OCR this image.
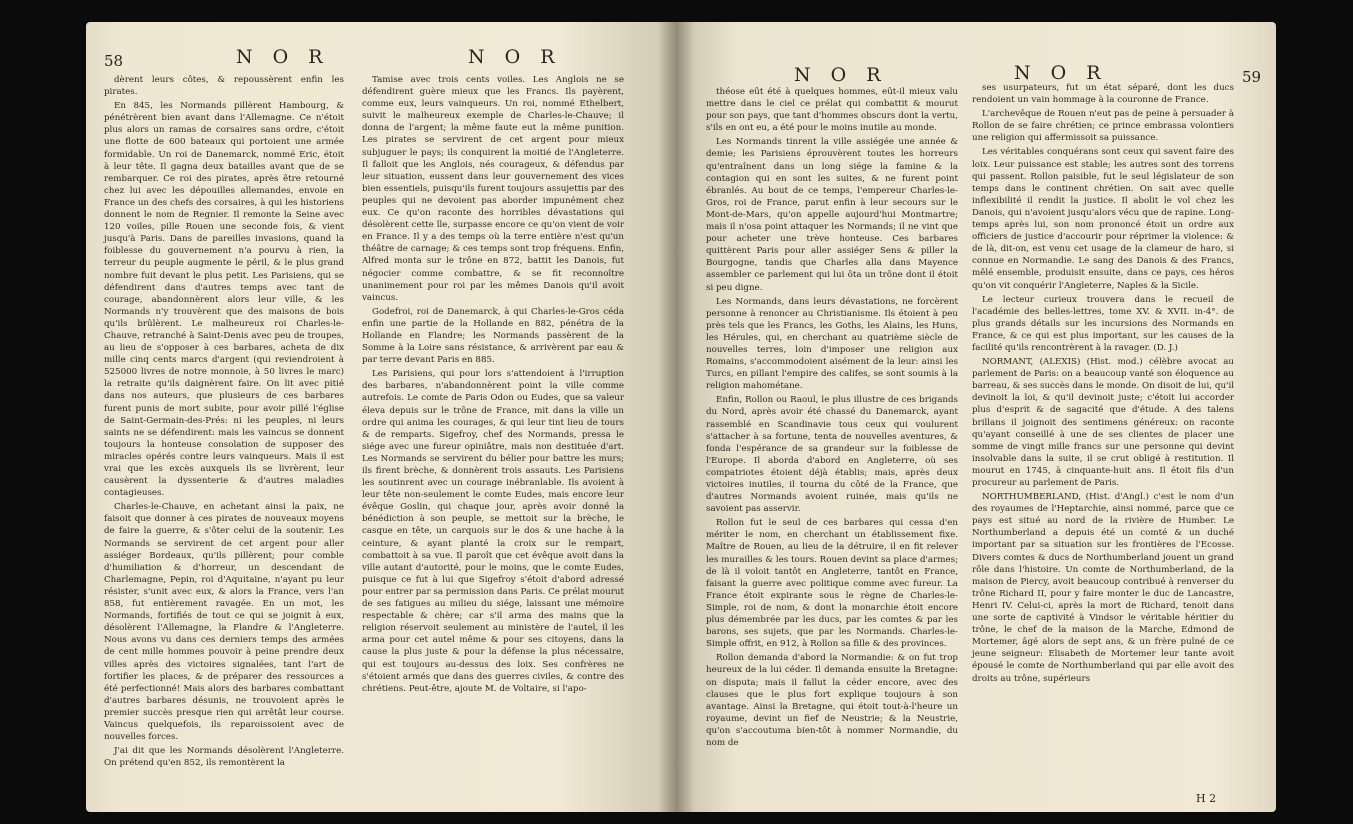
58	N O R	N O R

dèrent leurs côtes, & repoussèrent enfin les pirates.

En 845, les Normands pillèrent Hambourg, & pénétrèrent bien avant dans l'Allemagne. Ce n'étoit plus alors un ramas de corsaires sans ordre, c'étoit une flotte de 600 bateaux qui portoient une armée formidable. Un roi de Danemarck, nommé Eric, étoit à leur tête. Il gagna deux batailles avant que de se rembarquer. Ce roi des pirates, après être retourné chez lui avec les dépouilles allemandes, envoie en France un des chefs des corsaires, à qui les historiens donnent le nom de Regnier. Il remonte la Seine avec 120 voiles, pille Rouen une seconde fois, & vient jusqu'à Paris. Dans de pareilles invasions, quand la foiblesse du gouvernement n'a pourvu à rien, la terreur du peuple augmente le péril, & le plus grand nombre fuit devant le plus petit. Les Parisiens, qui se défendirent dans d'autres temps avec tant de courage, abandonnèrent alors leur ville, & les Normands n'y trouvèrent que des maisons de bois qu'ils brûlèrent. Le malheureux roi Charles-le-Chauve, retranché à Saint-Denis avec peu de troupes, au lieu de s'opposer à ces barbares, acheta de dix mille cinq cents marcs d'argent (qui reviendroient à 525000 livres de notre monnoie, à 50 livres le marc) la retraite qu'ils daignèrent faire. On lit avec pitié dans nos auteurs, que plusieurs de ces barbares furent punis de mort subite, pour avoir pillé l'église de Saint-Germain-des-Prés: ni les peuples, ni leurs saints ne se défendirent: mais les vaincus se donnent toujours la honteuse consolation de supposer des miracles opérés contre leurs vainqueurs. Mais il est vrai que les excès auxquels ils se livrèrent, leur causèrent la dyssenterie & d'autres maladies contagieuses.

Charles-le-Chauve, en achetant ainsi la paix, ne faisoit que donner à ces pirates de nouveaux moyens de faire la guerre, & s'ôter celui de la soutenir. Les Normands se servirent de cet argent pour aller assiéger Bordeaux, qu'ils pillèrent; pour comble d'humiliation & d'horreur, un descendant de Charlemagne, Pepin, roi d'Aquitaine, n'ayant pu leur résister, s'unit avec eux, & alors la France, vers l'an 858, fut entièrement ravagée. En un mot, les Normands, fortifiés de tout ce qui se joignit à eux, désolèrent l'Allemagne, la Flandre & l'Angleterre. Nous avons vu dans ces derniers temps des armées de cent mille hommes pouvoir à peine prendre deux villes après des victoires signalées, tant l'art de fortifier les places, & de préparer des ressources a été perfectionné! Mais alors des barbares combattant d'autres barbares désunis, ne trouvoient après le premier succès presque rien qui arrêtât leur course. Vaincus quelquefois, ils reparoissoient avec de nouvelles forces.

J'ai dit que les Normands désolèrent l'Angleterre. On prétend qu'en 852, ils remontèrent la

Tamise avec trois cents voiles. Les Anglois ne se défendirent guère mieux que les Francs. Ils payèrent, comme eux, leurs vainqueurs. Un roi, nommé Ethelbert, suivit le malheureux exemple de Charles-le-Chauve; il donna de l'argent; la même faute eut la même punition. Les pirates se servirent de cet argent pour mieux subjuguer le pays; ils conquirent la moitié de l'Angleterre. Il falloit que les Anglois, nés courageux, & défendus par leur situation, eussent dans leur gouvernement des vices bien essentiels, puisqu'ils furent toujours assujettis par des peuples qui ne devoient pas aborder impunément chez eux. Ce qu'on raconte des horribles dévastations qui désolèrent cette île, surpasse encore ce qu'on vient de voir en France. Il y a des temps où la terre entière n'est qu'un théâtre de carnage; & ces temps sont trop fréquens. Enfin, Alfred monta sur le trône en 872, battit les Danois, fut négocier comme combattre, & se fit reconnoître unanimement pour roi par les mêmes Danois qu'il avoit vaincus.

Godefroi, roi de Danemarck, à qui Charles-le-Gros céda enfin une partie de la Hollande en 882, pénétra de la Hollande en Flandre; les Normands passèrent de la Somme à la Loire sans résistance, & arrivèrent par eau & par terre devant Paris en 885.

Les Parisiens, qui pour lors s'attendoient à l'irruption des barbares, n'abandonnèrent point la ville comme autrefois. Le comte de Paris Odon ou Eudes, que sa valeur éleva depuis sur le trône de France, mit dans la ville un ordre qui anima les courages, & qui leur tint lieu de tours & de remparts. Sigefroy, chef des Normands, pressa le siége avec une fureur opiniâtre, mais non destituée d'art. Les Normands se servirent du bélier pour battre les murs; ils firent brèche, & donnèrent trois assauts. Les Parisiens les soutinrent avec un courage inébranlable. Ils avoient à leur tête non-seulement le comte Eudes, mais encore leur évêque Goslin, qui chaque jour, après avoir donné la bénédiction à son peuple, se mettoit sur la brèche, le casque en tête, un carquois sur le dos & une hache à la ceinture, & ayant planté la croix sur le rempart, combattoit à sa vue. Il paroît que cet évêque avoit dans la ville autant d'autorité, pour le moins, que le comte Eudes, puisque ce fut à lui que Sigefroy s'étoit d'abord adressé pour entrer par sa permission dans Paris. Ce prélat mourut de ses fatigues au milieu du siége, laissant une mémoire respectable & chère; car s'il arma des mains que la religion réservoit seulement au ministère de l'autel, il les arma pour cet autel même & pour ses citoyens, dans la cause la plus juste & pour la défense la plus nécessaire, qui est toujours au-dessus des loix. Ses confrères ne s'étoient armés que dans des guerres civiles, & contre des chrétiens. Peut-être, ajoute M. de Voltaire, si l'apo-

N O R	N O R	59

théose eût été à quelques hommes, eût-il mieux valu mettre dans le ciel ce prélat qui combattit & mourut pour son pays, que tant d'hommes obscurs dont la vertu, s'ils en ont eu, a été pour le moins inutile au monde.

Les Normands tinrent la ville assiégée une année & demie; les Parisiens éprouvèrent toutes les horreurs qu'entraînent dans un long siége la famine & la contagion qui en sont les suites, & ne furent point ébranlés. Au bout de ce temps, l'empereur Charles-le-Gros, roi de France, parut enfin à leur secours sur le Mont-de-Mars, qu'on appelle aujourd'hui Montmartre; mais il n'osa point attaquer les Normands; il ne vint que pour acheter une trève honteuse. Ces barbares quittèrent Paris pour aller assiéger Sens & piller la Bourgogne, tandis que Charles alla dans Mayence assembler ce parlement qui lui ôta un trône dont il étoit si peu digne.

Les Normands, dans leurs dévastations, ne forcèrent personne à renoncer au Christianisme. Ils étoient à peu près tels que les Francs, les Goths, les Alains, les Huns, les Hérules, qui, en cherchant au quatrième siècle de nouvelles terres, loin d'imposer une religion aux Romains, s'accommodoient aisément de la leur: ainsi les Turcs, en pillant l'empire des califes, se sont soumis à la religion mahométane.

Enfin, Rollon ou Raoul, le plus illustre de ces brigands du Nord, après avoir été chassé du Danemarck, ayant rassemblé en Scandinavie tous ceux qui voulurent s'attacher à sa fortune, tenta de nouvelles aventures, & fonda l'espérance de sa grandeur sur la foiblesse de l'Europe. Il aborda d'abord en Angleterre, où ses compatriotes étoient déjà établis; mais, après deux victoires inutiles, il tourna du côté de la France, que d'autres Normands avoient ruinée, mais qu'ils ne savoient pas asservir.

Rollon fut le seul de ces barbares qui cessa d'en mériter le nom, en cherchant un établissement fixe. Maître de Rouen, au lieu de la détruire, il en fit relever les murailles & les tours. Rouen devint sa place d'armes; de là il voloit tantôt en Angleterre, tantôt en France, faisant la guerre avec politique comme avec fureur. La France étoit expirante sous le règne de Charles-le-Simple, roi de nom, & dont la monarchie étoit encore plus démembrée par les ducs, par les comtes & par les barons, ses sujets, que par les Normands. Charles-le-Simple offrit, en 912, à Rollon sa fille & des provinces.

Rollon demanda d'abord la Normandie: & on fut trop heureux de la lui céder. Il demanda ensuite la Bretagne: on disputa; mais il fallut la céder encore, avec des clauses que le plus fort explique toujours à son avantage. Ainsi la Bretagne, qui étoit tout-à-l'heure un royaume, devint un fief de Neustrie; & la Neustrie, qu'on s'accoutuma bien-tôt à nommer Normandie, du nom de

ses usurpateurs, fut un état séparé, dont les ducs rendoient un vain hommage à la couronne de France.

L'archevêque de Rouen n'eut pas de peine à persuader à Rollon de se faire chrétien; ce prince embrassa volontiers une religion qui affermissoit sa puissance.

Les véritables conquérans sont ceux qui savent faire des loix. Leur puissance est stable; les autres sont des torrens qui passent. Rollon paisible, fut le seul législateur de son temps dans le continent chrétien. On sait avec quelle inflexibilité il rendit la justice. Il abolit le vol chez les Danois, qui n'avoient jusqu'alors vécu que de rapine. Long-temps après lui, son nom prononcé étoit un ordre aux officiers de justice d'accourir pour réprimer la violence: & de là, dit-on, est venu cet usage de la clameur de haro, si connue en Normandie. Le sang des Danois & des Francs, mêlé ensemble, produisit ensuite, dans ce pays, ces héros qu'on vit conquérir l'Angleterre, Naples & la Sicile.

Le lecteur curieux trouvera dans le recueil de l'académie des belles-lettres, tome XV. & XVII. in-4°. de plus grands détails sur les incursions des Normands en France, & ce qui est plus important, sur les causes de la facilité qu'ils rencontrèrent à la ravager. (D. J.)

NORMANT, (ALEXIS) (Hist. mod.) célèbre avocat au parlement de Paris: on a beaucoup vanté son éloquence au barreau, & ses succès dans le monde. On disoit de lui, qu'il devinoit la loi, & qu'il devinoit juste; c'étoit lui accorder plus d'esprit & de sagacité que d'étude. A des talens brillans il joignoit des sentimens généreux: on raconte qu'ayant conseillé à une de ses clientes de placer une somme de vingt mille francs sur une personne qui devint insolvable dans la suite, il se crut obligé à restitution. Il mourut en 1745, à cinquante-huit ans. Il étoit fils d'un procureur au parlement de Paris.

NORTHUMBERLAND, (Hist. d'Angl.) c'est le nom d'un des royaumes de l'Heptarchie, ainsi nommé, parce que ce pays est situé au nord de la rivière de Humber. Le Northumberland a depuis été un comté & un duché important par sa situation sur les frontières de l'Ecosse. Divers comtes & ducs de Northumberland jouent un grand rôle dans l'histoire. Un comte de Northumberland, de la maison de Piercy, avoit beaucoup contribué à renverser du trône Richard II, pour y faire monter le duc de Lancastre, Henri IV. Celui-ci, après la mort de Richard, tenoit dans une sorte de captivité à Vindsor le véritable héritier du trône, le chef de la maison de la Marche, Edmond de Mortemer, âgé alors de sept ans, & un frère puîné de ce jeune seigneur: Elisabeth de Mortemer leur tante avoit épousé le comte de Northumberland qui par elle avoit des droits au trône, supérieurs

H 2
